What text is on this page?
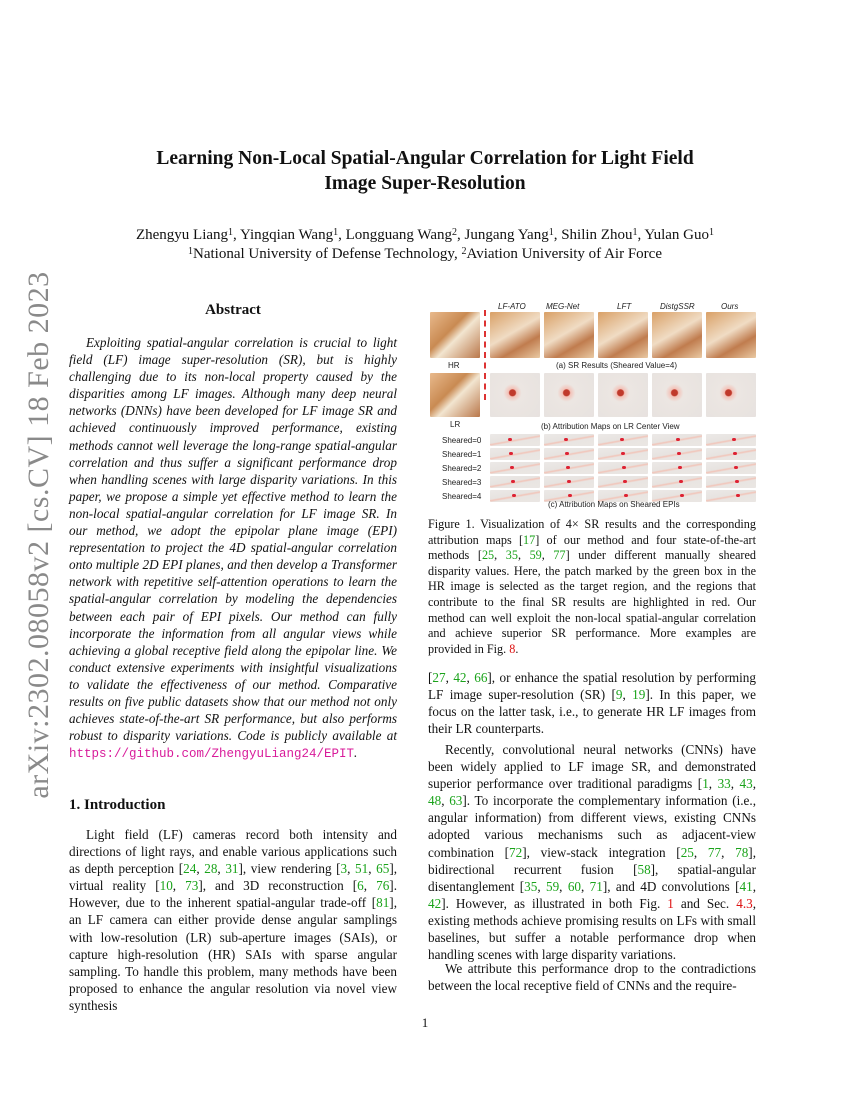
arXiv:2302.08058v2 [cs.CV] 18 Feb 2023
Learning Non-Local Spatial-Angular Correlation for Light Field
Image Super-Resolution
Zhengyu Liang$^1$, Yingqian Wang$^1$, Longguang Wang$^2$, Jungang Yang$^1$, Shilin Zhou$^1$, Yulan Guo$^1$
$^1$National University of Defense Technology, $^2$Aviation University of Air Force
Abstract
Exploiting spatial-angular correlation is crucial to light field (LF) image super-resolution (SR), but is highly challenging due to its non-local property caused by the disparities among LF images. Although many deep neural networks (DNNs) have been developed for LF image SR and achieved continuously improved performance, existing methods cannot well leverage the long-range spatial-angular correlation and thus suffer a significant performance drop when handling scenes with large disparity variations. In this paper, we propose a simple yet effective method to learn the non-local spatial-angular correlation for LF image SR. In our method, we adopt the epipolar plane image (EPI) representation to project the 4D spatial-angular correlation onto multiple 2D EPI planes, and then develop a Transformer network with repetitive self-attention operations to learn the spatial-angular correlation by modeling the dependencies between each pair of EPI pixels. Our method can fully incorporate the information from all angular views while achieving a global receptive field along the epipolar line. We conduct extensive experiments with insightful visualizations to validate the effectiveness of our method. Comparative results on five public datasets show that our method not only achieves state-of-the-art SR performance, but also performs robust to disparity variations. Code is publicly available at https://github.com/ZhengyuLiang24/EPIT.
1. Introduction
Light field (LF) cameras record both intensity and directions of light rays, and enable various applications such as depth perception [24, 28, 31], view rendering [3, 51, 65], virtual reality [10, 73], and 3D reconstruction [6, 76]. However, due to the inherent spatial-angular trade-off [81], an LF camera can either provide dense angular samplings with low-resolution (LR) sub-aperture images (SAIs), or capture high-resolution (HR) SAIs with sparse angular sampling. To handle this problem, many methods have been proposed to enhance the angular resolution via novel view synthesis
LF-ATO	MEG-Net	LFT	DistgSSR	Ours
HR	(a) SR Results (Sheared Value=4)
LR	(b) Attribution Maps on LR Center View
Sheared=0
Sheared=1
Sheared=2
Sheared=3
Sheared=4
(c) Attribution Maps on Sheared EPIs
Figure 1. Visualization of 4× SR results and the corresponding attribution maps [17] of our method and four state-of-the-art methods [25, 35, 59, 77] under different manually sheared disparity values. Here, the patch marked by the green box in the HR image is selected as the target region, and the regions that contribute to the final SR results are highlighted in red. Our method can well exploit the non-local spatial-angular correlation and achieve superior SR performance. More examples are provided in Fig. 8.
[27, 42, 66], or enhance the spatial resolution by performing LF image super-resolution (SR) [9, 19]. In this paper, we focus on the latter task, i.e., to generate HR LF images from their LR counterparts.
Recently, convolutional neural networks (CNNs) have been widely applied to LF image SR, and demonstrated superior performance over traditional paradigms [1, 33, 43, 48, 63]. To incorporate the complementary information (i.e., angular information) from different views, existing CNNs adopted various mechanisms such as adjacent-view combination [72], view-stack integration [25, 77, 78], bidirectional recurrent fusion [58], spatial-angular disentanglement [35, 59, 60, 71], and 4D convolutions [41, 42]. However, as illustrated in both Fig. 1 and Sec. 4.3, existing methods achieve promising results on LFs with small baselines, but suffer a notable performance drop when handling scenes with large disparity variations.
We attribute this performance drop to the contradictions between the local receptive field of CNNs and the require-
1
